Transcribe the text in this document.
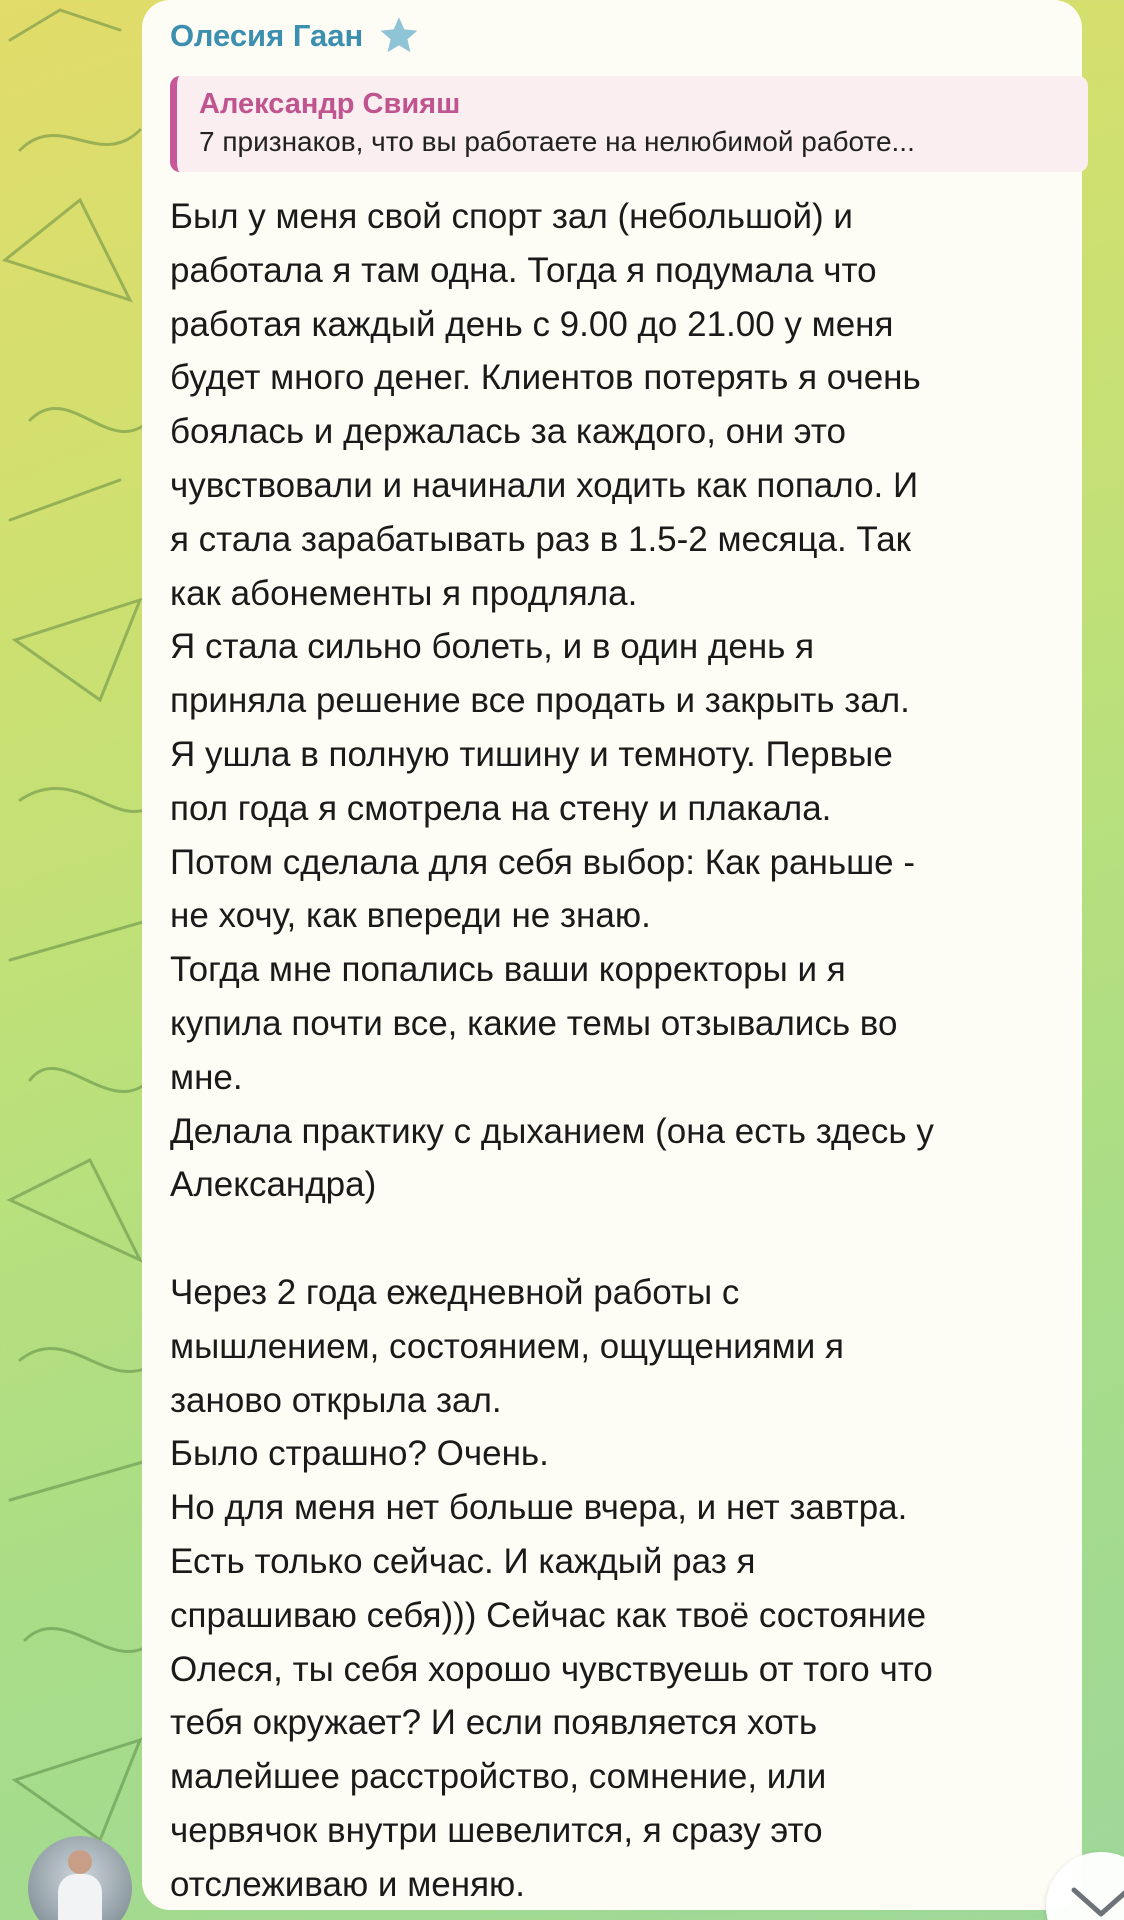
Олесия Гаан
Александр Свияш
7 признаков, что вы работаете на нелюбимой работе...
Был у меня свой спорт зал (небольшой) и
работала я там одна. Тогда я подумала что
работая каждый день с 9.00 до 21.00 у меня
будет много денег. Клиентов потерять я очень
боялась и держалась за каждого, они это
чувствовали и начинали ходить как попало. И
я стала зарабатывать раз в 1.5-2 месяца. Так
как абонементы я продляла.
Я стала сильно болеть, и в один день я
приняла решение все продать и закрыть зал.
Я ушла в полную тишину и темноту. Первые
пол года я смотрела на стену и плакала.
Потом сделала для себя выбор: Как раньше -
не хочу, как впереди не знаю.
Тогда мне попались ваши корректоры и я
купила почти все, какие темы отзывались во
мне.
Делала практику с дыханием (она есть здесь у
Александра)

Через 2 года ежедневной работы с
мышлением, состоянием, ощущениями я
заново открыла зал.
Было страшно? Очень.
Но для меня нет больше вчера, и нет завтра.
Есть только сейчас. И каждый раз я
спрашиваю себя))) Сейчас как твоё состояние
Олеся, ты себя хорошо чувствуешь от того что
тебя окружает? И если появляется хоть
малейшее расстройство, сомнение, или
червячок внутри шевелится, я сразу это
отслеживаю и меняю.
